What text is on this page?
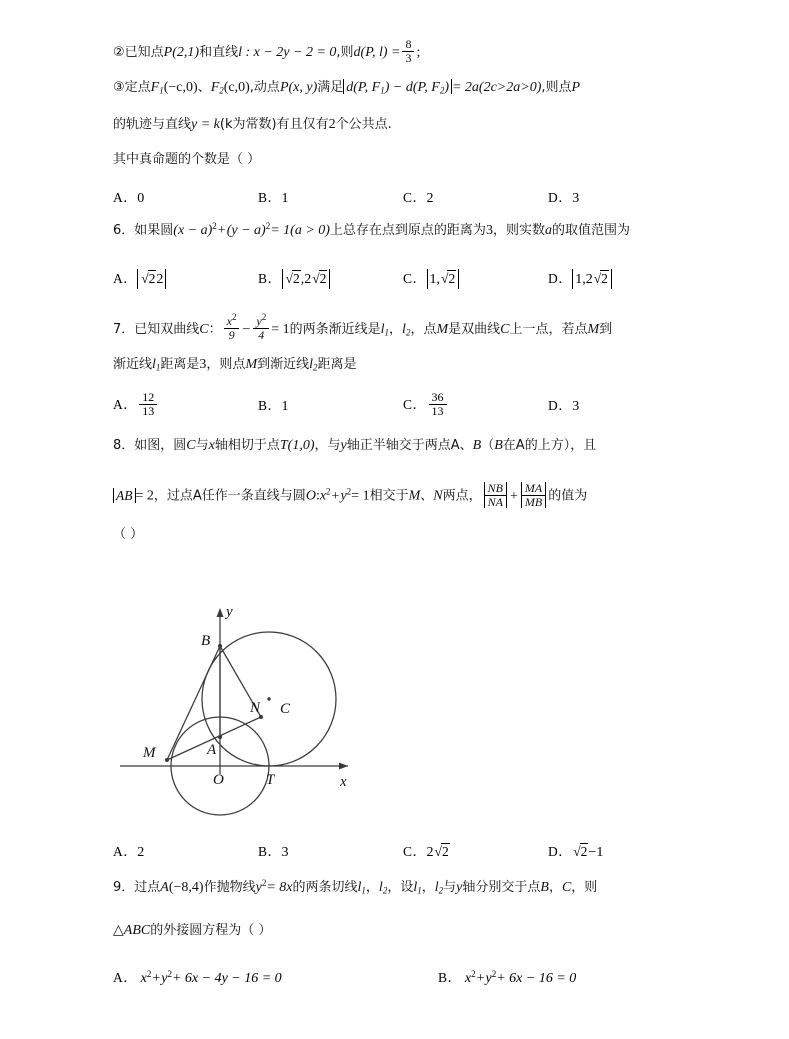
②已知点P(2,1)和直线l : x − 2y − 2 = 0,则d(P, $l) = \frac{8}{3}$ ;
③定点$F_1(-c,0)$、$F_2(c,0)$,动点P(x, y)满足 d(P, $F_1) - d(P$, $F_2) = 2a(2c>2a>0)$,则点P
的轨迹与直线y = k(k为常数)有且仅有2个公共点.
其中真命题的个数是（ ）
A．0	B．1	C．2	D．3
6．如果圆$(x - a)^2+(y - a)^2= 1(a > 0)$上总存在点到原点的距离为3，则实数a的取值范围为
A． √22	B． √2,2√2	C． 1,√2	D． 1,2√2
7．已知双曲线C： $\frac{x^2}{9} - \frac{y^2}{4} = 1$的两条渐近线是$l_1$，$l_2$，点M是双曲线C上一点，若点M到
渐近线$l_1$距离是3，则点M到渐近线$l_2$距离是
A． $\frac{12}{13}$	B．1	C． $\frac{36}{13}$	D．3
8．如图，圆C与x轴相切于点T(1,0)，与y轴正半轴交于两点A、B（B在A的上方），且
AB = 2，过点A任作一条直线与圆$O:x^2+y^2= 1$相交于M、N两点， $\frac{NB}{NA} + \frac{MA}{MB}$ 的值为
（ ）
y
x
B
C
N
M	A
O	T
A．2	B．3	C．2√2	D．√2−1
9．过点A(−8,4)作抛物线$y^2= 8x$的两条切线$l_1$，$l_2$，设$l_1$，$l_2$与y轴分别交于点B，C，则
△ABC的外接圆方程为（ ）
A． $x^2+y^2+ 6x - 4y - 16 = 0$	B． $x^2+y^2+ 6x - 16 = 0$
